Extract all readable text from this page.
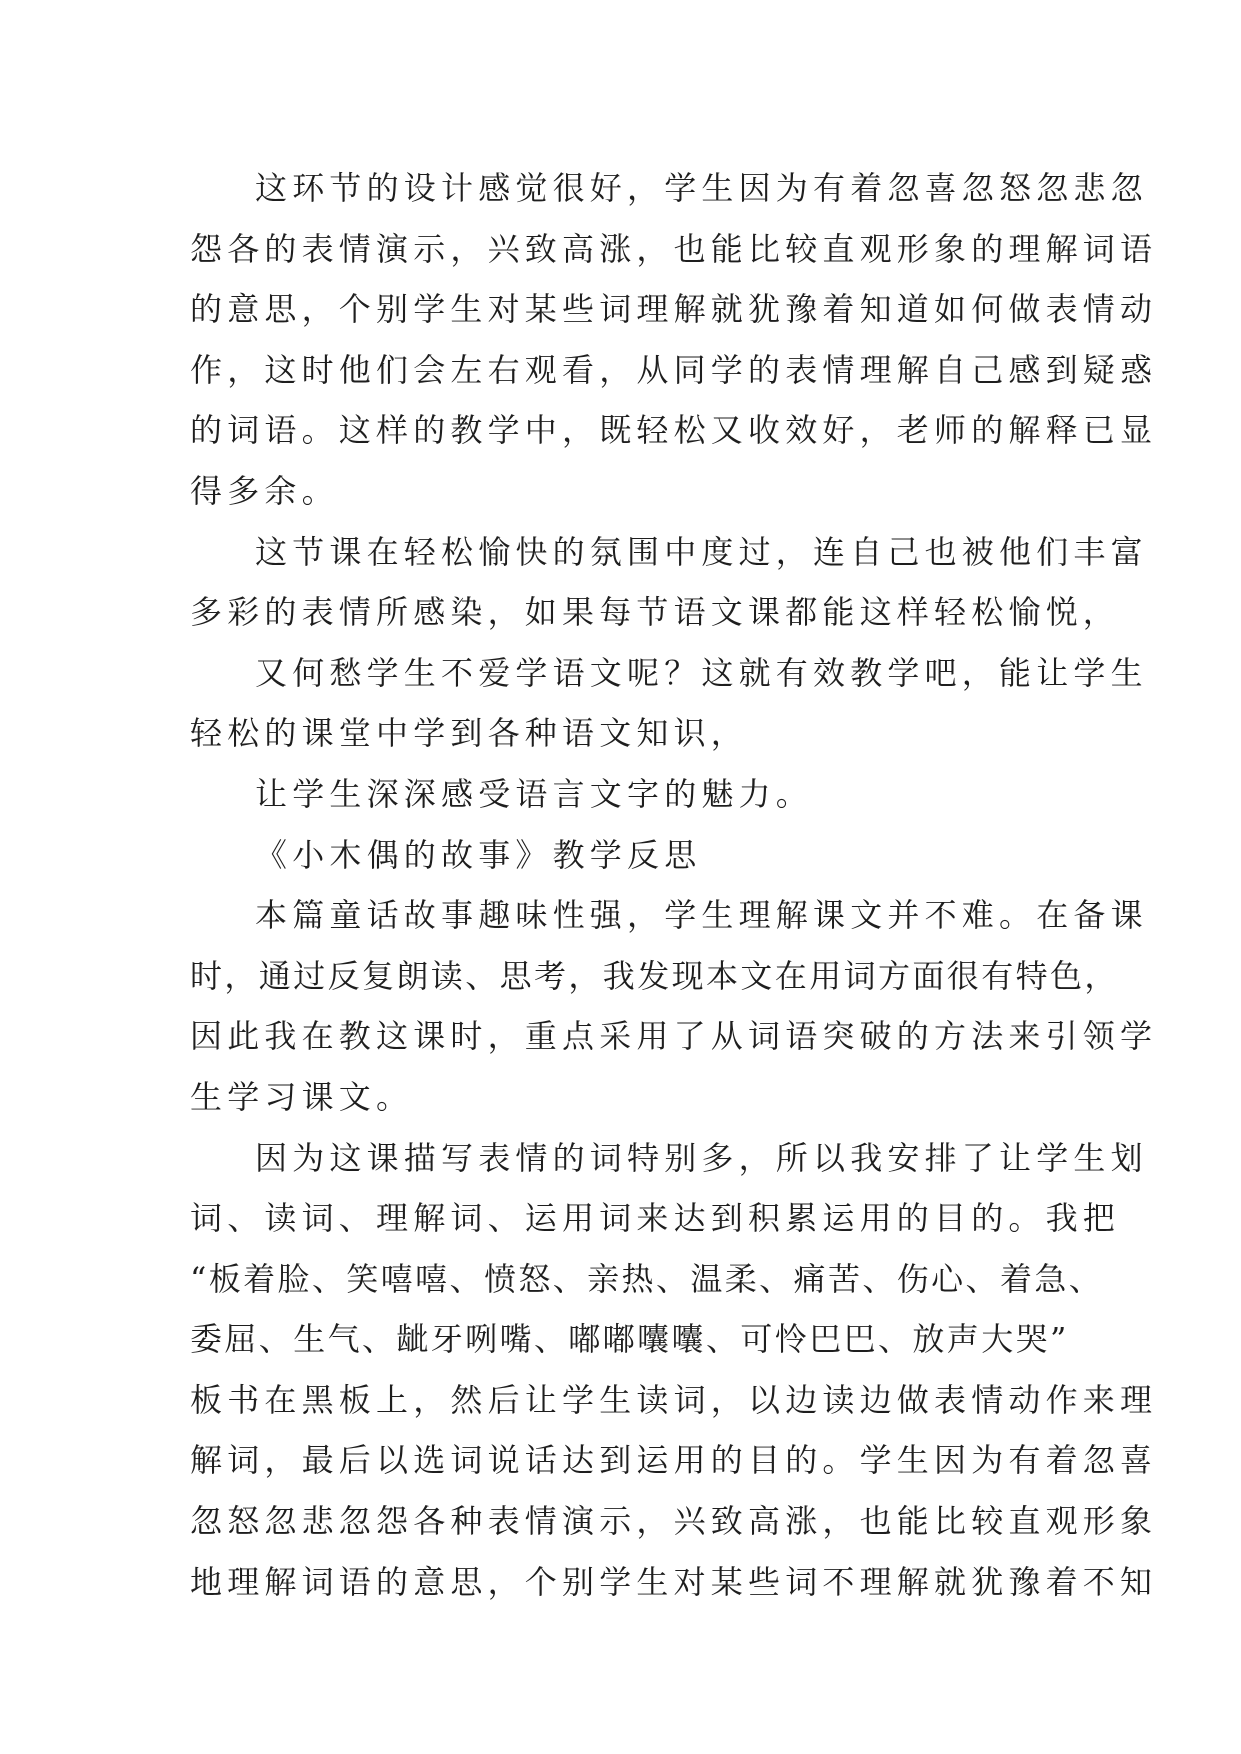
这环节的设计感觉很好，学生因为有着忽喜忽怒忽悲忽
怨各的表情演示，兴致高涨，也能比较直观形象的理解词语
的意思，个别学生对某些词理解就犹豫着知道如何做表情动
作，这时他们会左右观看，从同学的表情理解自己感到疑惑
的词语。这样的教学中，既轻松又收效好，老师的解释已显
得多余。
这节课在轻松愉快的氛围中度过，连自己也被他们丰富
多彩的表情所感染，如果每节语文课都能这样轻松愉悦，
又何愁学生不爱学语文呢？这就有效教学吧，能让学生
轻松的课堂中学到各种语文知识，
让学生深深感受语言文字的魅力。
《小木偶的故事》教学反思
本篇童话故事趣味性强，学生理解课文并不难。在备课
时，通过反复朗读、思考，我发现本文在用词方面很有特色，
因此我在教这课时，重点采用了从词语突破的方法来引领学
生学习课文。
因为这课描写表情的词特别多，所以我安排了让学生划
词、读词、理解词、运用词来达到积累运用的目的。我把
“板着脸、笑嘻嘻、愤怒、亲热、温柔、痛苦、伤心、着急、
委屈、生气、龇牙咧嘴、嘟嘟囔囔、可怜巴巴、放声大哭”
板书在黑板上，然后让学生读词，以边读边做表情动作来理
解词，最后以选词说话达到运用的目的。学生因为有着忽喜
忽怒忽悲忽怨各种表情演示，兴致高涨，也能比较直观形象
地理解词语的意思，个别学生对某些词不理解就犹豫着不知
